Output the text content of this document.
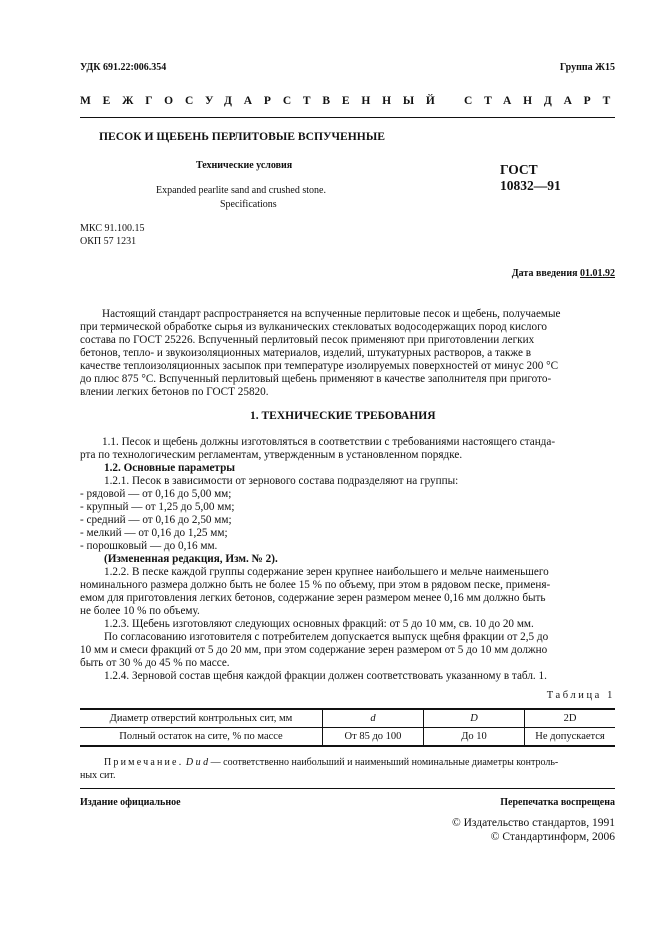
УДК 691.22:006.354	Группа Ж15
МЕЖГОСУДАРСТВЕННЫЙ СТАНДАРТ
ПЕСОК И ЩЕБЕНЬ ПЕРЛИТОВЫЕ ВСПУЧЕННЫЕ
Технические условия
Expanded pearlite sand and crushed stone.
Specifications
ГОСТ
10832—91
МКС 91.100.15
ОКП 57 1231
Дата введения 01.01.92
Настоящий стандарт распространяется на вспученные перлитовые песок и щебень, получаемые
при термической обработке сырья из вулканических стекловатых водосодержащих пород кислого
состава по ГОСТ 25226. Вспученный перлитовый песок применяют при приготовлении легких
бетонов, тепло- и звукоизоляционных материалов, изделий, штукатурных растворов, а также в
качестве теплоизоляционных засыпок при температуре изолируемых поверхностей от минус 200 °С
до плюс 875 °С. Вспученный перлитовый щебень применяют в качестве заполнителя при пригото-
влении легких бетонов по ГОСТ 25820.
1. ТЕХНИЧЕСКИЕ ТРЕБОВАНИЯ
1.1. Песок и щебень должны изготовляться в соответствии с требованиями настоящего станда-
рта по технологическим регламентам, утвержденным в установленном порядке.
1.2. Основные параметры
1.2.1. Песок в зависимости от зернового состава подразделяют на группы:
- рядовой — от 0,16 до 5,00 мм;
- крупный — от 1,25 до 5,00 мм;
- средний — от 0,16 до 2,50 мм;
- мелкий — от 0,16 до 1,25 мм;
- порошковый — до 0,16 мм.
(Измененная редакция, Изм. № 2).
1.2.2. В песке каждой группы содержание зерен крупнее наибольшего и мельче наименьшего
номинального размера должно быть не более 15 % по объему, при этом в рядовом песке, применя-
емом для приготовления легких бетонов, содержание зерен размером менее 0,16 мм должно быть
не более 10 % по объему.
1.2.3. Щебень изготовляют следующих основных фракций: от 5 до 10 мм, св. 10 до 20 мм.
По согласованию изготовителя с потребителем допускается выпуск щебня фракции от 2,5 до
10 мм и смеси фракций от 5 до 20 мм, при этом содержание зерен размером от 5 до 10 мм должно
быть от 30 % до 45 % по массе.
1.2.4. Зерновой состав щебня каждой фракции должен соответствовать указанному в табл. 1.
Таблица 1
Диаметр отверстий контрольных сит, мм	d	D	2D
Полный остаток на сите, % по массе	От 85 до 100	До 10	Не допускается
Примечание. D и d — соответственно наибольший и наименьший номинальные диаметры контроль-
ных сит.
Издание официальное	Перепечатка воспрещена
© Издательство стандартов, 1991
© Стандартинформ, 2006
